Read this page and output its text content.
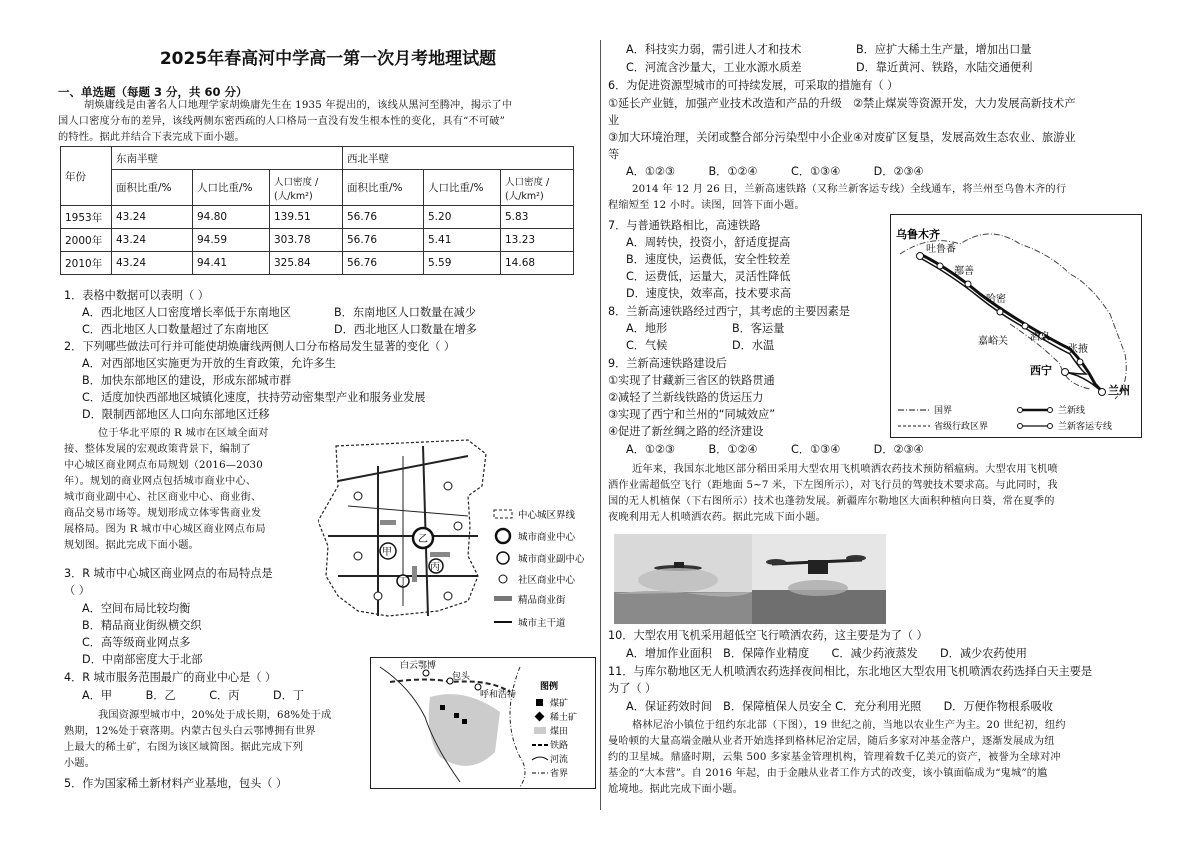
2025年春高河中学高一第一次月考地理试题
一、单选题（每题 3 分，共 60 分）
胡焕庸线是由著名人口地理学家胡焕庸先生在 1935 年提出的，该线从黑河至腾冲，揭示了中
国人口密度分布的差异，该线两侧东密西疏的人口格局一直没有发生根本性的变化，具有“不可破”
的特性。据此并结合下表完成下面小题。
年份	东南半壁			西北半壁		
	面积比重/%	人口比重/%	人口密度 / (人/km²)	面积比重/%	人口比重/%	人口密度 / (人/km²)
1953年	43.24	94.80	139.51	56.76	5.20	5.83
2000年	43.24	94.59	303.78	56.76	5.41	13.23
2010年	43.24	94.41	325.84	56.76	5.59	14.68
1．表格中数据可以表明（ ）
A．西北地区人口密度增长率低于东南地区	B．东南地区人口数量在减少
C．西北地区人口数量超过了东南地区	D．西北地区人口数量在增多
2．下列哪些做法可行并可能使胡焕庸线两侧人口分布格局发生显著的变化（ ）
A．对西部地区实施更为开放的生育政策，允许多生
B．加快东部地区的建设，形成东部城市群
C．适度加快西部地区城镇化速度，扶持劳动密集型产业和服务业发展
D．限制西部地区人口向东部地区迁移
位于华北平原的 R 城市在区域全面对
接、整体发展的宏观政策背景下，编制了
中心城区商业网点布局规划（2016—2030
年）。规划的商业网点包括城市商业中心、
城市商业副中心、社区商业中心、商业街、
商品交易市场等。规划形成立体零售商业发
展格局。图为 R 城市中心城区商业网点布局
规划图。据此完成下面小题。
3．R 城市中心城区商业网点的布局特点是
（ ）
A．空间布局比较均衡
B．精品商业街纵横交织
C．高等级商业网点多
D．中南部密度大于北部
4．R 城市服务范围最广的商业中心是（ ）
A．甲　　　B．乙　　　C．丙　　　D．丁
我国资源型城市中，20%处于成长期，68%处于成
熟期，12%处于衰落期。内蒙古包头白云鄂博拥有世界
上最大的稀土矿，右图为该区域简图。据此完成下列
小题。
5．作为国家稀土新材料产业基地，包头（ ）
甲
乙
丙
丁
中心城区界线
城市商业中心
城市商业副中心
社区商业中心
精品商业街
城市主干道
白云鄂博
包头
呼和浩特
图例
煤矿
稀土矿
煤田
铁路
河流
省界
A．科技实力弱，需引进人才和技术	B．应扩大稀土生产量，增加出口量
C．河流含沙量大，工业水源水质差	D．靠近黄河、铁路，水陆交通便利
6．为促进资源型城市的可持续发展，可采取的措施有（ ）
①延长产业链，加强产业技术改造和产品的升级　②禁止煤炭等资源开发，大力发展高新技术产
业
③加大环境治理，关闭或整合部分污染型中小企业④对废矿区复垦，发展高效生态农业、旅游业
等
A．①②③　　　B．①②④　　　C．①③④　　　D．②③④
2014 年 12 月 26 日，兰新高速铁路（又称兰新客运专线）全线通车，将兰州至乌鲁木齐的行
程缩短至 12 小时。读图，回答下面小题。
7．与普通铁路相比，高速铁路
A．周转快，投资小，舒适度提高
B．速度快，运费低，安全性较差
C．运费低，运量大，灵活性降低
D．速度快，效率高，技术要求高
8．兰新高速铁路经过西宁，其考虑的主要因素是
A．地形	B．客运量
C．气候	D．水温
9．兰新高速铁路建设后
①实现了甘藏新三省区的铁路贯通
②减轻了兰新线铁路的货运压力
③实现了西宁和兰州的“同城效应”
④促进了新丝绸之路的经济建设
A．①②③　　　B．①②④　　　C．①③④　　　D．②③④
乌鲁木齐
吐鲁番
鄯善
哈密
嘉峪关 酒泉
张掖
西宁
兰州
国界
省级行政区界
兰新线
兰新客运专线
近年来，我国东北地区部分稻田采用大型农用飞机喷洒农药技术预防稻瘟病。大型农用飞机喷
洒作业需超低空飞行（距地面 5~7 米，下左图所示），对飞行员的驾驶技术要求高。与此同时，我
国的无人机植保（下右图所示）技术也蓬勃发展。新疆库尔勒地区大面积种植向日葵，常在夏季的
夜晚利用无人机喷洒农药。据此完成下面小题。
10．大型农用飞机采用超低空飞行喷洒农药，这主要是为了（ ）
A．增加作业面积　B．保障作业精度　　C．减少药液蒸发　　D．减少农药使用
11．与库尔勒地区无人机喷洒农药选择夜间相比，东北地区大型农用飞机喷洒农药选择白天主要是
为了（ ）
A．保证药效时间　B．保障植保人员安全 C．充分利用光照　　D．万便作物根系吸收
格林尼治小镇位于纽约东北部（下图），19 世纪之前，当地以农业生产为主。20 世纪初，纽约
曼哈顿的大量高端金融从业者开始选择到格林尼治定居，随后多家对冲基金落户，逐渐发展成为纽
约的卫星城。鼎盛时期，云集 500 多家基金管理机构，管理着数千亿美元的资产，被誉为全球对冲
基金的“大本营”。自 2016 年起，由于金融从业者工作方式的改变，该小镇面临成为“鬼城”的尴
尬境地。据此完成下面小题。
